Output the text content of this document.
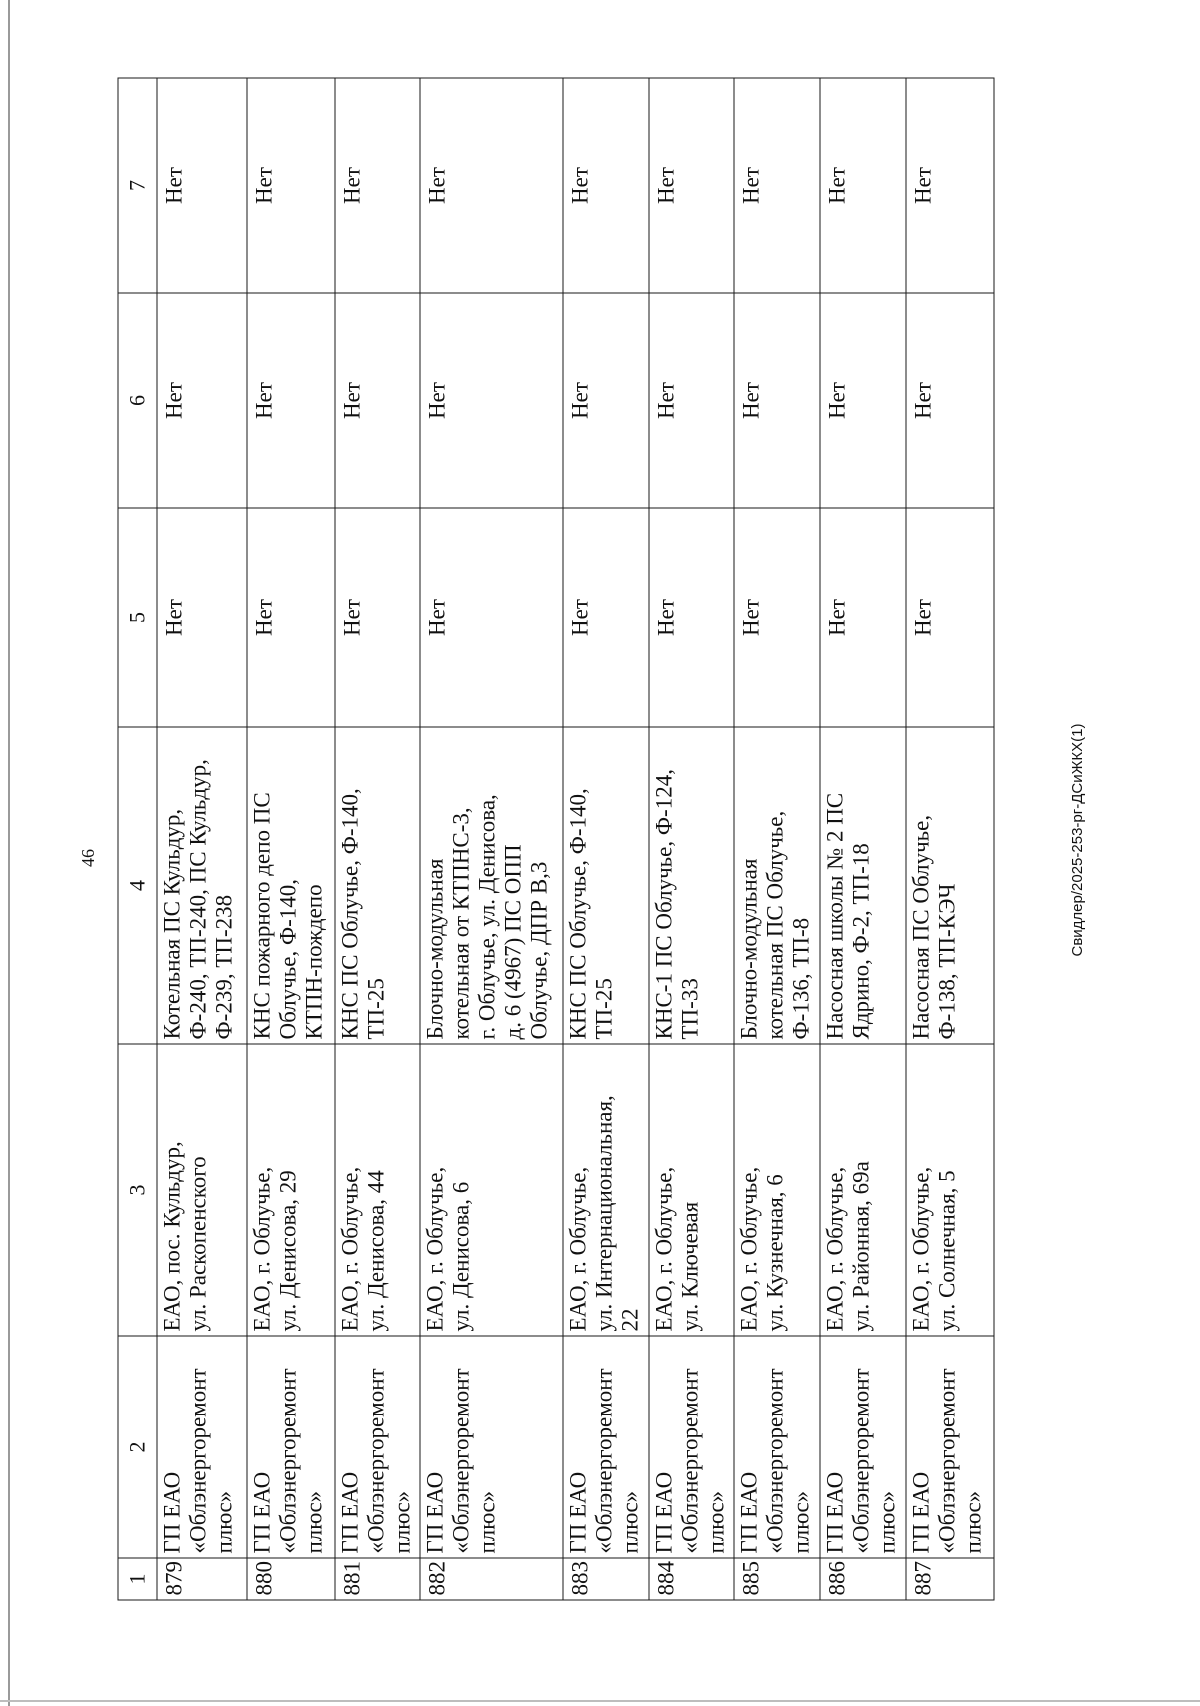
46	Свидлер/2025-253-рг-ДСиЖКХ(1)
1	2	3	4	5	6	7
879	ГП ЕАО «Облэнергоремонт плюс»	ЕАО, пос. Кульдур, ул. Раскопенского	Котельная ПС Кульдур, Ф-240, ТП-240, ПС Кульдур, Ф-239, ТП-238	Нет	Нет	Нет
880	ГП ЕАО «Облэнергоремонт плюс»	ЕАО, г. Облучье, ул. Денисова, 29	КНС пожарного депо ПС Облучье, Ф-140, КТПН-пождепо	Нет	Нет	Нет
881	ГП ЕАО «Облэнергоремонт плюс»	ЕАО, г. Облучье, ул. Денисова, 44	КНС ПС Облучье, Ф-140, ТП-25	Нет	Нет	Нет
882	ГП ЕАО «Облэнергоремонт плюс»	ЕАО, г. Облучье, ул. Денисова, 6	Блочно-модульная котельная от КТПНС-3, г. Облучье, ул. Денисова, д. 6 (4967) ПС ОПП Облучье, ДПР В,3	Нет	Нет	Нет
883	ГП ЕАО «Облэнергоремонт плюс»	ЕАО, г. Облучье, ул. Интернациональная, 22	КНС ПС Облучье, Ф-140, ТП-25	Нет	Нет	Нет
884	ГП ЕАО «Облэнергоремонт плюс»	ЕАО, г. Облучье, ул. Ключевая	КНС-1 ПС Облучье, Ф-124, ТП-33	Нет	Нет	Нет
885	ГП ЕАО «Облэнергоремонт плюс»	ЕАО, г. Облучье, ул. Кузнечная, 6	Блочно-модульная котельная ПС Облучье, Ф-136, ТП-8	Нет	Нет	Нет
886	ГП ЕАО «Облэнергоремонт плюс»	ЕАО, г. Облучье, ул. Районная, 69а	Насосная школы № 2 ПС Ядрино, Ф-2, ТП-18	Нет	Нет	Нет
887	ГП ЕАО «Облэнергоремонт плюс»	ЕАО, г. Облучье, ул. Солнечная, 5	Насосная ПС Облучье, Ф-138, ТП-КЭЧ	Нет	Нет	Нет
